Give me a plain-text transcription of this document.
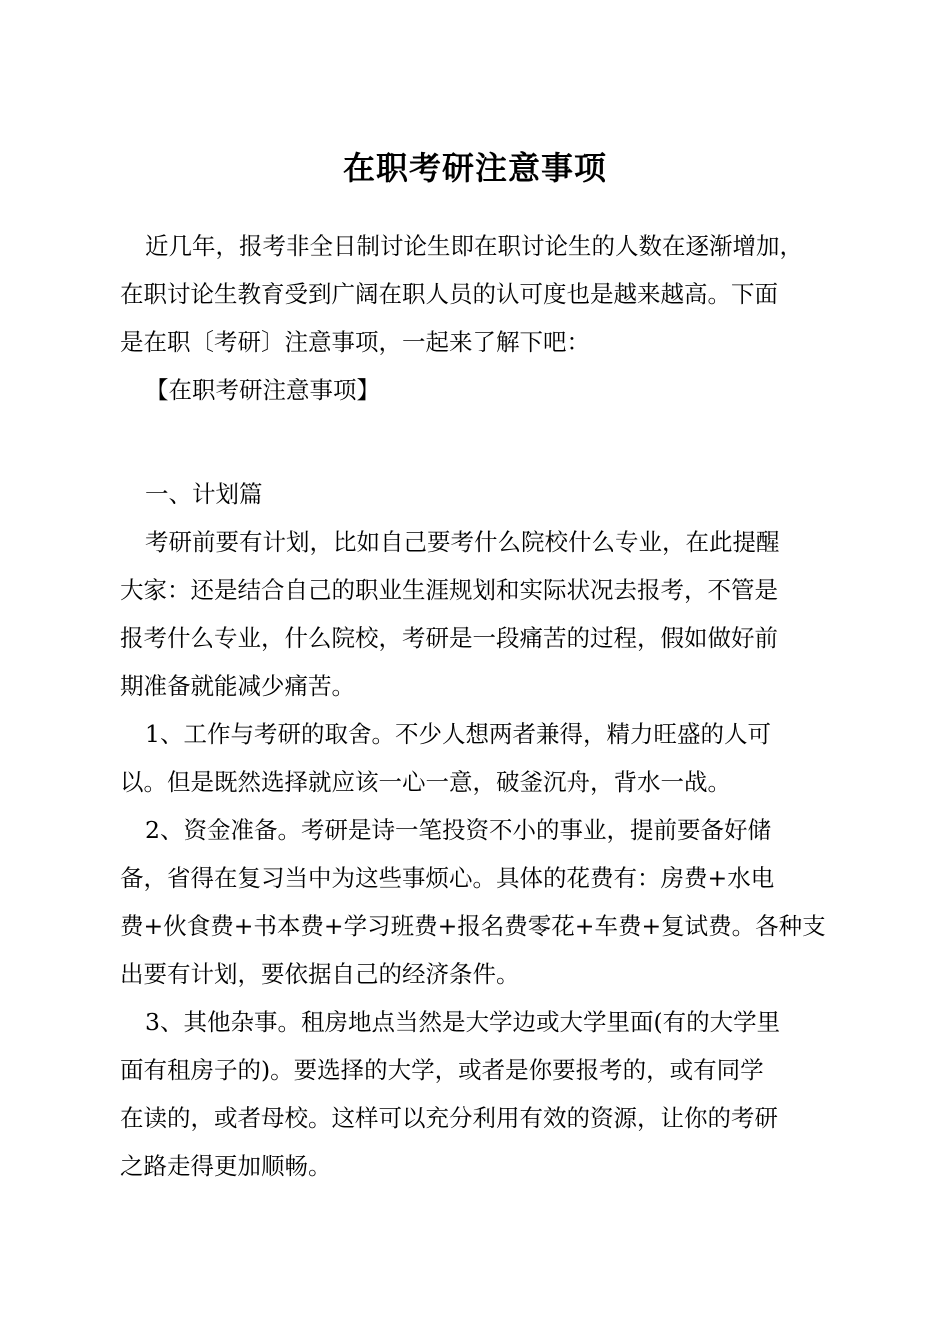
在职考研注意事项
近几年，报考非全日制讨论生即在职讨论生的人数在逐渐增加，
在职讨论生教育受到广阔在职人员的认可度也是越来越高。下面
是在职〔考研〕注意事项，一起来了解下吧：
【在职考研注意事项】
一、计划篇
考研前要有计划，比如自己要考什么院校什么专业，在此提醒
大家：还是结合自己的职业生涯规划和实际状况去报考，不管是
报考什么专业，什么院校，考研是一段痛苦的过程，假如做好前
期准备就能减少痛苦。
1、工作与考研的取舍。不少人想两者兼得，精力旺盛的人可
以。但是既然选择就应该一心一意，破釜沉舟，背水一战。
2、资金准备。考研是诗一笔投资不小的事业，提前要备好储
备，省得在复习当中为这些事烦心。具体的花费有：房费+水电
费+伙食费+书本费+学习班费+报名费零花+车费+复试费。各种支
出要有计划，要依据自己的经济条件。
3、其他杂事。租房地点当然是大学边或大学里面(有的大学里
面有租房子的)。要选择的大学，或者是你要报考的，或有同学
在读的，或者母校。这样可以充分利用有效的资源，让你的考研
之路走得更加顺畅。
